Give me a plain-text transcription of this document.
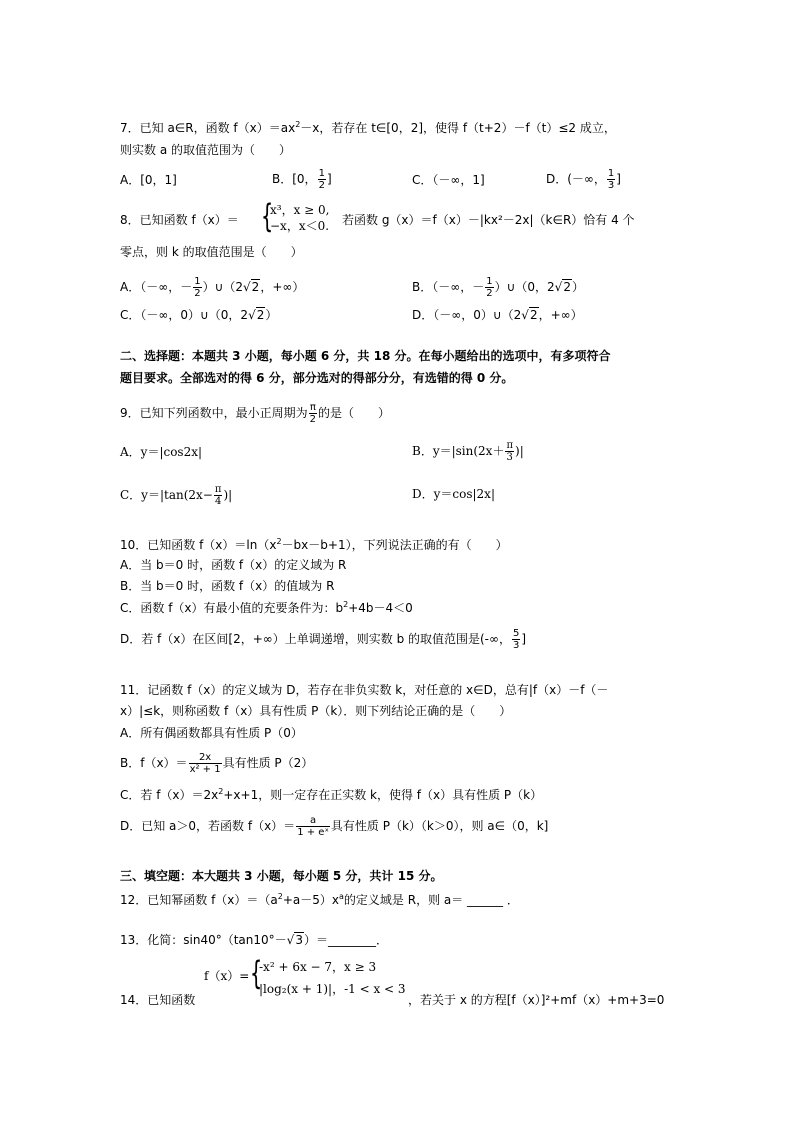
7．已知 a∈R，函数 $f(x)=ax^2-x$，若存在 t∈[0，2]，使得 f（t+2）－f（t）≤2 成立，
则实数 a 的取值范围为（　　）
A．[0，1]	B．[0， $\frac{1}{2}$ ]	C．（－∞，1]	D．(－∞， $\frac{1}{3}$ ]
8．已知函数 f（x）＝ {
x³，x ≥ 0,
−x，x＜0. 若函数 g（x）＝f（x）－|kx²－2x|（k∈R）恰有 4 个
零点，则 k 的取值范围是（　　）
A．（－∞，－ $\frac{1}{2}$ ）∪（2√2，+∞）	B．（－∞，－ $\frac{1}{2}$ ）∪（0，2√2）
C．（－∞，0）∪（0，2√2）	D．（－∞，0）∪（2√2，+∞）
二、选择题：本题共 3 小题，每小题 6 分，共 18 分。在每小题给出的选项中，有多项符合
题目要求。全部选对的得 6 分，部分选对的得部分分，有选错的得 0 分。
9．已知下列函数中，最小正周期为 $\frac{\pi}{2}$ 的是（　　）
A．y＝|cos2x|	B．$y=|\sin(2x+ \frac{\pi}{3}$ )|
C．$y=|\tan(2x- \frac{\pi}{4}$ )|	D．y＝cos|2x|
10．已知函数 $f(x)=\ln(x^2-bx-b+1)$，下列说法正确的有（　　）
A．当 b＝0 时，函数 f（x）的定义域为 R
B．当 b＝0 时，函数 f（x）的值域为 R
C．函数 f（x）有最小值的充要条件为：$b^2+4b-4<0$
D．若 f（x）在区间[2，+∞）上单调递增，则实数 b 的取值范围是(-∞， $\frac{5}{3}$ ]
11．记函数 f（x）的定义域为 D，若存在非负实数 k，对任意的 x∈D，总有|f（x）－f（－
x）|≤k，则称函数 f（x）具有性质 P（k）．则下列结论正确的是（　　）
A．所有偶函数都具有性质 P（0）
B．$f(x)= \frac{2x}{\text{x² + 1}}$ 具有性质 P（2）
C．若 $f(x)=2x^2+x+1$，则一定存在正实数 k，使得 f（x）具有性质 P（k）
D．已知 a＞0，若函数 $f(x)= \frac{a}{\text{1 + eˣ}}$ 具有性质 P（k）（k＞0），则 a∈（0，k]
三、填空题：本大题共 3 小题，每小题 5 分，共计 15 分。
12．已知幂函数 $f(x)=(a^2+a-5)x^a$的定义域是 R，则 a＝ ______ ．
13．化简：sin40°（tan10°－√3）＝________．
f（x）= {
-x² + 6x − 7，x ≥ 3
|log₂(x + 1)|，-1 < x < 3
14．已知函数	，若关于 x 的方程[f（x）]²+mf（x）+m+3=0
